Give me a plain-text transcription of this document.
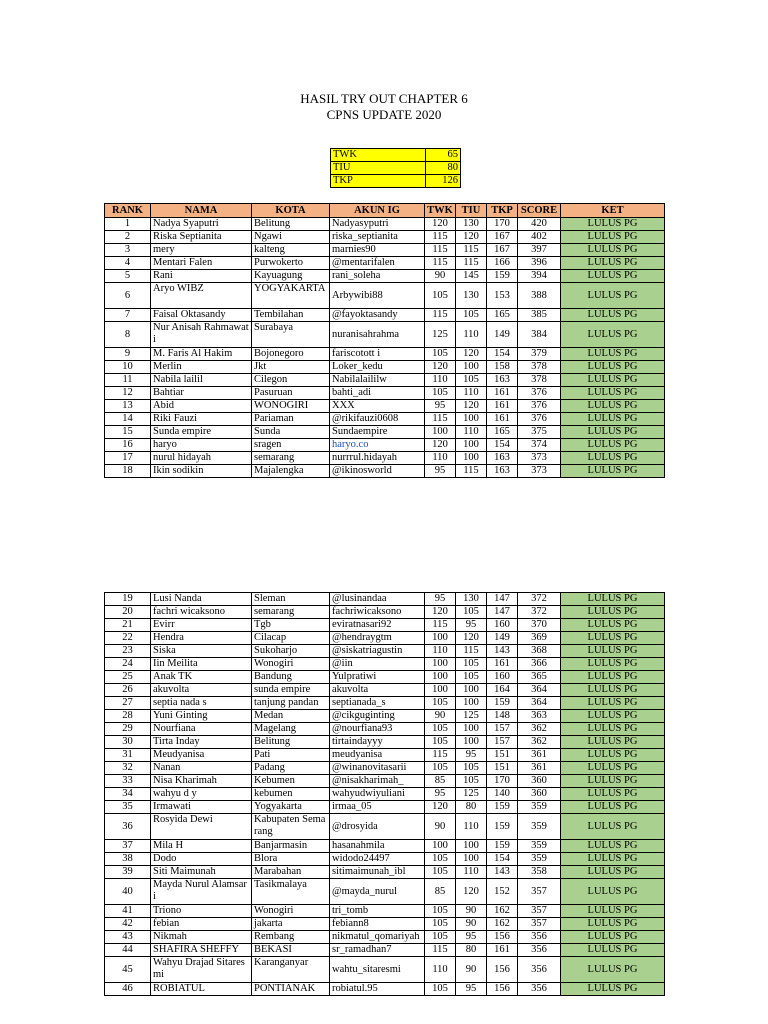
HASIL TRY OUT CHAPTER 6
CPNS UPDATE 2020
TWK	65
TIU	80
TKP	126
RANK	NAMA	KOTA	AKUN IG	TWK	TIU	TKP	SCORE	KET
1	Nadya Syaputri	Belitung	Nadyasyputri	120	130	170	420	LULUS PG
2	Riska Septianita	Ngawi	riska_septianita	115	120	167	402	LULUS PG
3	mery	kalteng	marnies90	115	115	167	397	LULUS PG
4	Mentari Falen	Purwokerto	@mentarifalen	115	115	166	396	LULUS PG
5	Rani	Kayuagung	rani_soleha	90	145	159	394	LULUS PG
6	Aryo WIBZ	YOGYAKARTA	Arbywibi88	105	130	153	388	LULUS PG
7	Faisal Oktasandy	Tembilahan	@fayoktasandy	115	105	165	385	LULUS PG
8	Nur Anisah Rahmawati	Surabaya	nuranisahrahma	125	110	149	384	LULUS PG
9	M. Faris Al Hakim	Bojonegoro	fariscotott i	105	120	154	379	LULUS PG
10	Merlin	Jkt	Loker_kedu	120	100	158	378	LULUS PG
11	Nabila lailil	Cilegon	Nabilalaililw	110	105	163	378	LULUS PG
12	Bahtiar	Pasuruan	bahti_adi	105	110	161	376	LULUS PG
13	Abid	WONOGIRI	XXX	95	120	161	376	LULUS PG
14	Riki Fauzi	Pariaman	@rikifauzi0608	115	100	161	376	LULUS PG
15	Sunda empire	Sunda	Sundaempire	100	110	165	375	LULUS PG
16	haryo	sragen	haryo.co	120	100	154	374	LULUS PG
17	nurul hidayah	semarang	nurrrul.hidayah	110	100	163	373	LULUS PG
18	Ikin sodikin	Majalengka	@ikinosworld	95	115	163	373	LULUS PG
19	Lusi Nanda	Sleman	@lusinandaa	95	130	147	372	LULUS PG
20	fachri wicaksono	semarang	fachriwicaksono	120	105	147	372	LULUS PG
21	Evirr	Tgb	eviratnasari92	115	95	160	370	LULUS PG
22	Hendra	Cilacap	@hendraygtm	100	120	149	369	LULUS PG
23	Siska	Sukoharjo	@siskatriagustin	110	115	143	368	LULUS PG
24	Iin Meilita	Wonogiri	@iin	100	105	161	366	LULUS PG
25	Anak TK	Bandung	Yulpratiwi	100	105	160	365	LULUS PG
26	akuvolta	sunda empire	akuvolta	100	100	164	364	LULUS PG
27	septia nada s	tanjung pandan	septianada_s	105	100	159	364	LULUS PG
28	Yuni Ginting	Medan	@cikguginting	90	125	148	363	LULUS PG
29	Nourfiana	Magelang	@nourfiana93	105	100	157	362	LULUS PG
30	Tirta Inday	Belitung	tirtaindayyy	105	100	157	362	LULUS PG
31	Meudyanisa	Pati	meudyanisa	115	95	151	361	LULUS PG
32	Nanan	Padang	@winanovitasarii	105	105	151	361	LULUS PG
33	Nisa Kharimah	Kebumen	@nisakharimah_	85	105	170	360	LULUS PG
34	wahyu d y	kebumen	wahyudwiyuliani	95	125	140	360	LULUS PG
35	Irmawati	Yogyakarta	irmaa_05	120	80	159	359	LULUS PG
36	Rosyida Dewi	Kabupaten Semarang	@drosyida	90	110	159	359	LULUS PG
37	Mila H	Banjarmasin	hasanahmila	100	100	159	359	LULUS PG
38	Dodo	Blora	widodo24497	105	100	154	359	LULUS PG
39	Siti Maimunah	Marabahan	sitimaimunah_ibl	105	110	143	358	LULUS PG
40	Mayda Nurul Alamsari	Tasikmalaya	@mayda_nurul	85	120	152	357	LULUS PG
41	Triono	Wonogiri	tri_tomb	105	90	162	357	LULUS PG
42	febian	jakarta	febiann8	105	90	162	357	LULUS PG
43	Nikmah	Rembang	nikmatul_qomariyah	105	95	156	356	LULUS PG
44	SHAFIRA SHEFFY	BEKASI	sr_ramadhan7	115	80	161	356	LULUS PG
45	Wahyu Drajad Sitaresmi	Karanganyar	wahtu_sitaresmi	110	90	156	356	LULUS PG
46	ROBIATUL	PONTIANAK	robiatul.95	105	95	156	356	LULUS PG
